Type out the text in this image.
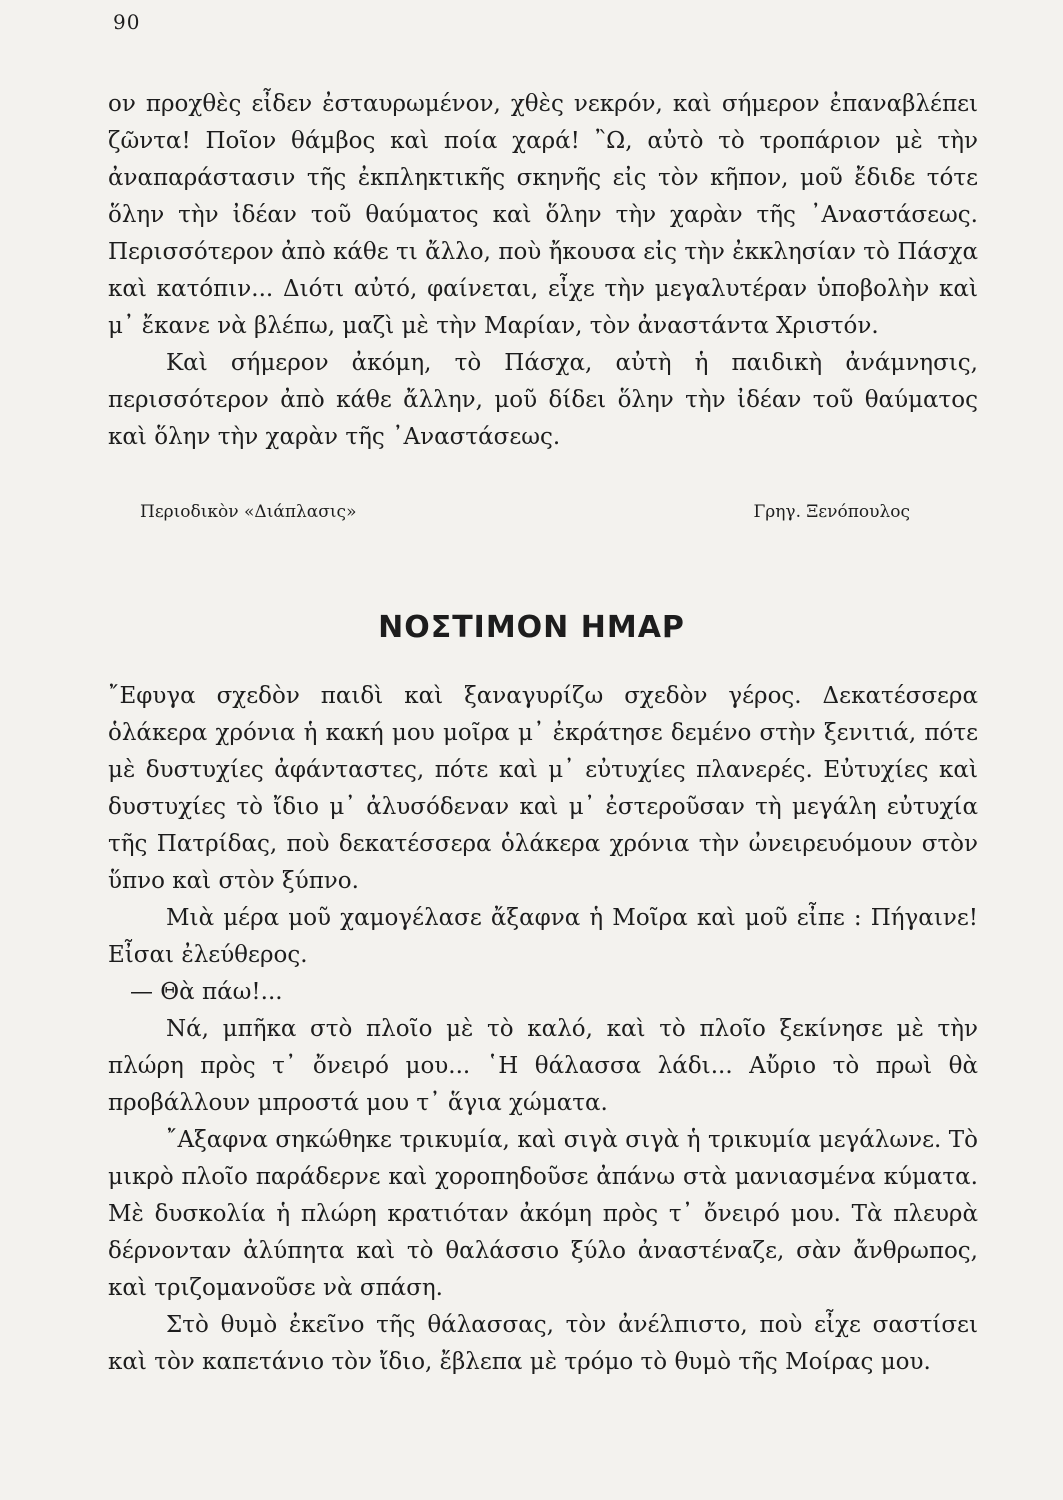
90

ον προχθὲς εἶδεν ἐσταυρωμένον, χθὲς νεκρόν, καὶ σήμερον ἐπαναβλέπει ζῶντα! Ποῖον θάμβος καὶ ποία χαρά! ῍Ω, αὐτὸ τὸ τροπάριον μὲ τὴν ἀναπαράστασιν τῆς ἐκπληκτικῆς σκηνῆς εἰς τὸν κῆπον, μοῦ ἔδιδε τότε ὅλην τὴν ἰδέαν τοῦ θαύματος καὶ ὅλην τὴν χαρὰν τῆς ᾿Αναστάσεως. Περισσότερον ἀπὸ κάθε τι ἄλλο, ποὺ ἤκουσα εἰς τὴν ἐκκλησίαν τὸ Πάσχα καὶ κατόπιν... Διότι αὐτό, φαίνεται, εἶχε τὴν μεγαλυτέραν ὑποβολὴν καὶ μ᾿ ἔκανε νὰ βλέπω, μαζὶ μὲ τὴν Μαρίαν, τὸν ἀναστάντα Χριστόν.

Καὶ σήμερον ἀκόμη, τὸ Πάσχα, αὐτὴ ἡ παιδικὴ ἀνάμνησις, περισσότερον ἀπὸ κάθε ἄλλην, μοῦ δίδει ὅλην τὴν ἰδέαν τοῦ θαύματος καὶ ὅλην τὴν χαρὰν τῆς ᾿Αναστάσεως.

Περιοδικὸν «Διάπλασις»	Γρηγ. Ξενόπουλος
ΝΟΣΤΙΜΟΝ ΗΜΑΡ

῎Εφυγα σχεδὸν παιδὶ καὶ ξαναγυρίζω σχεδὸν γέρος. Δεκατέσσερα ὁλάκερα χρόνια ἡ κακή μου μοῖρα μ᾿ ἐκράτησε δεμένο στὴν ξενιτιά, πότε μὲ δυστυχίες ἀφάνταστες, πότε καὶ μ᾿ εὐτυχίες πλανερές. Εὐτυχίες καὶ δυστυχίες τὸ ἴδιο μ᾿ ἀλυσόδεναν καὶ μ᾿ ἐστεροῦσαν τὴ μεγάλη εὐτυχία τῆς Πατρίδας, ποὺ δεκατέσσερα ὁλάκερα χρόνια τὴν ὠνειρευόμουν στὸν ὕπνο καὶ στὸν ξύπνο.

Μιὰ μέρα μοῦ χαμογέλασε ἄξαφνα ἡ Μοῖρα καὶ μοῦ εἶπε : Πήγαινε! Εἶσαι ἐλεύθερος.

— Θὰ πάω!...

Νά, μπῆκα στὸ πλοῖο μὲ τὸ καλό, καὶ τὸ πλοῖο ξεκίνησε μὲ τὴν πλώρη πρὸς τ᾿ ὄνειρό μου... ῾Η θάλασσα λάδι... Αὔριο τὸ πρωὶ θὰ προβάλλουν μπροστά μου τ᾿ ἅγια χώματα.

῎Αξαφνα σηκώθηκε τρικυμία, καὶ σιγὰ σιγὰ ἡ τρικυμία μεγάλωνε. Τὸ μικρὸ πλοῖο παράδερνε καὶ χοροπηδοῦσε ἀπάνω στὰ μανιασμένα κύματα. Μὲ δυσκολία ἡ πλώρη κρατιόταν ἀκόμη πρὸς τ᾿ ὄνειρό μου. Τὰ πλευρὰ δέρνονταν ἀλύπητα καὶ τὸ θαλάσσιο ξύλο ἀναστέναζε, σὰν ἄνθρωπος, καὶ τριζομανοῦσε νὰ σπάση.

Στὸ θυμὸ ἐκεῖνο τῆς θάλασσας, τὸν ἀνέλπιστο, ποὺ εἶχε σαστίσει καὶ τὸν καπετάνιο τὸν ἴδιο, ἔβλεπα μὲ τρόμο τὸ θυμὸ τῆς Μοίρας μου.
